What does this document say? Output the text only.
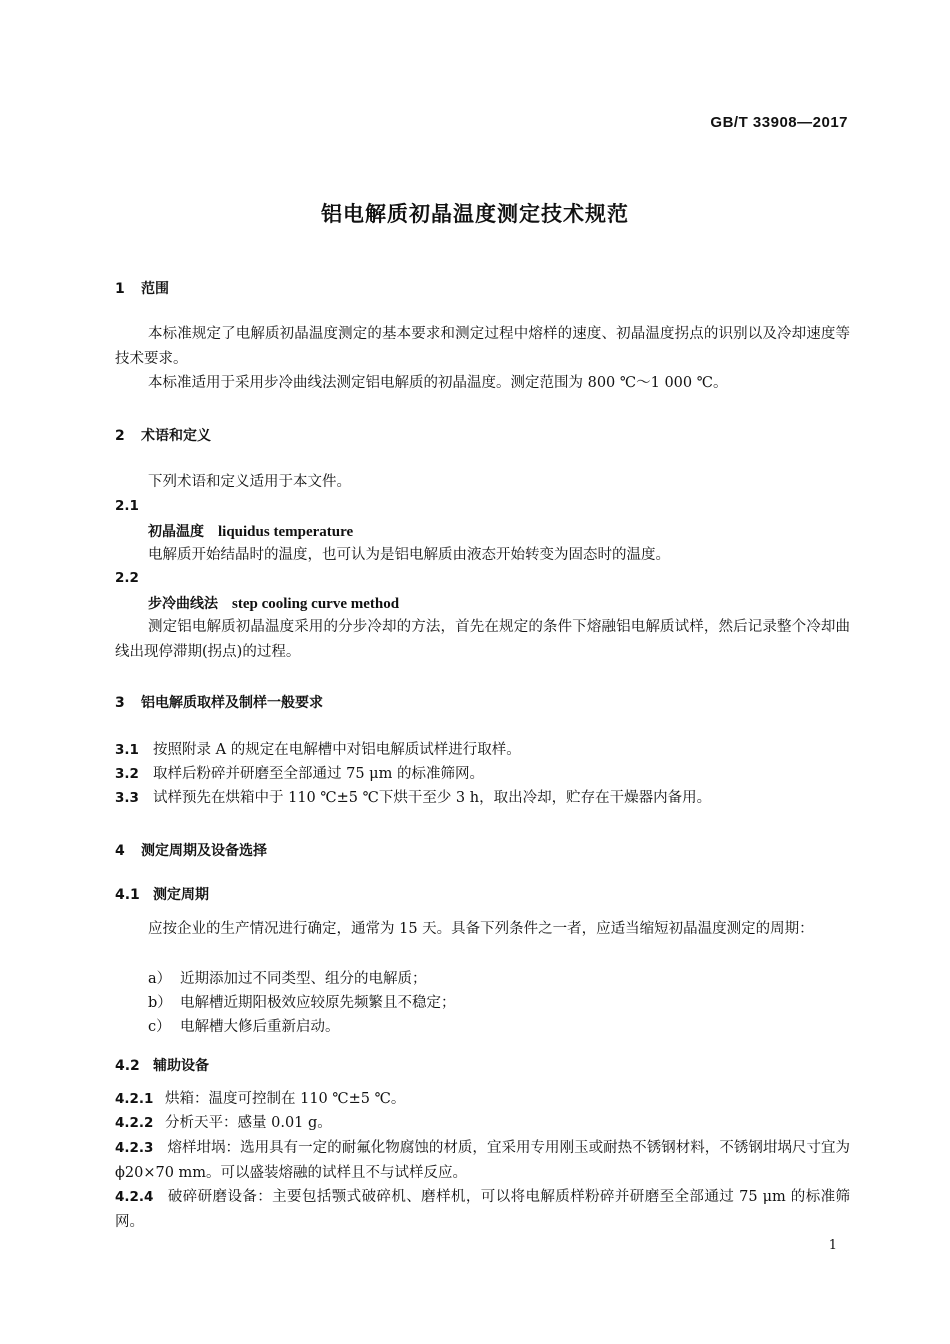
GB/T 33908—2017
铝电解质初晶温度测定技术规范
1 范围
本标准规定了电解质初晶温度测定的基本要求和测定过程中熔样的速度、初晶温度拐点的识别以及冷却速度等技术要求。
本标准适用于采用步冷曲线法测定铝电解质的初晶温度。测定范围为 800 ℃～1 000 ℃。
2 术语和定义
下列术语和定义适用于本文件。
2.1
初晶温度 liquidus temperature
电解质开始结晶时的温度，也可认为是铝电解质由液态开始转变为固态时的温度。
2.2
步冷曲线法 step cooling curve method
测定铝电解质初晶温度采用的分步冷却的方法，首先在规定的条件下熔融铝电解质试样，然后记录整个冷却曲线出现停滞期(拐点)的过程。
3 铝电解质取样及制样一般要求
3.1 按照附录 A 的规定在电解槽中对铝电解质试样进行取样。
3.2 取样后粉碎并研磨至全部通过 75 μm 的标准筛网。
3.3 试样预先在烘箱中于 110 ℃±5 ℃下烘干至少 3 h，取出冷却，贮存在干燥器内备用。
4 测定周期及设备选择
4.1 测定周期
应按企业的生产情况进行确定，通常为 15 天。具备下列条件之一者，应适当缩短初晶温度测定的周期：
a） 近期添加过不同类型、组分的电解质；
b） 电解槽近期阳极效应较原先频繁且不稳定；
c） 电解槽大修后重新启动。
4.2 辅助设备
4.2.1 烘箱：温度可控制在 110 ℃±5 ℃。
4.2.2 分析天平：感量 0.01 g。
4.2.3 熔样坩埚：选用具有一定的耐氟化物腐蚀的材质，宜采用专用刚玉或耐热不锈钢材料，不锈钢坩埚尺寸宜为 ϕ20×70 mm。可以盛装熔融的试样且不与试样反应。
4.2.4 破碎研磨设备：主要包括颚式破碎机、磨样机，可以将电解质样粉碎并研磨至全部通过 75 μm 的标准筛网。
1
